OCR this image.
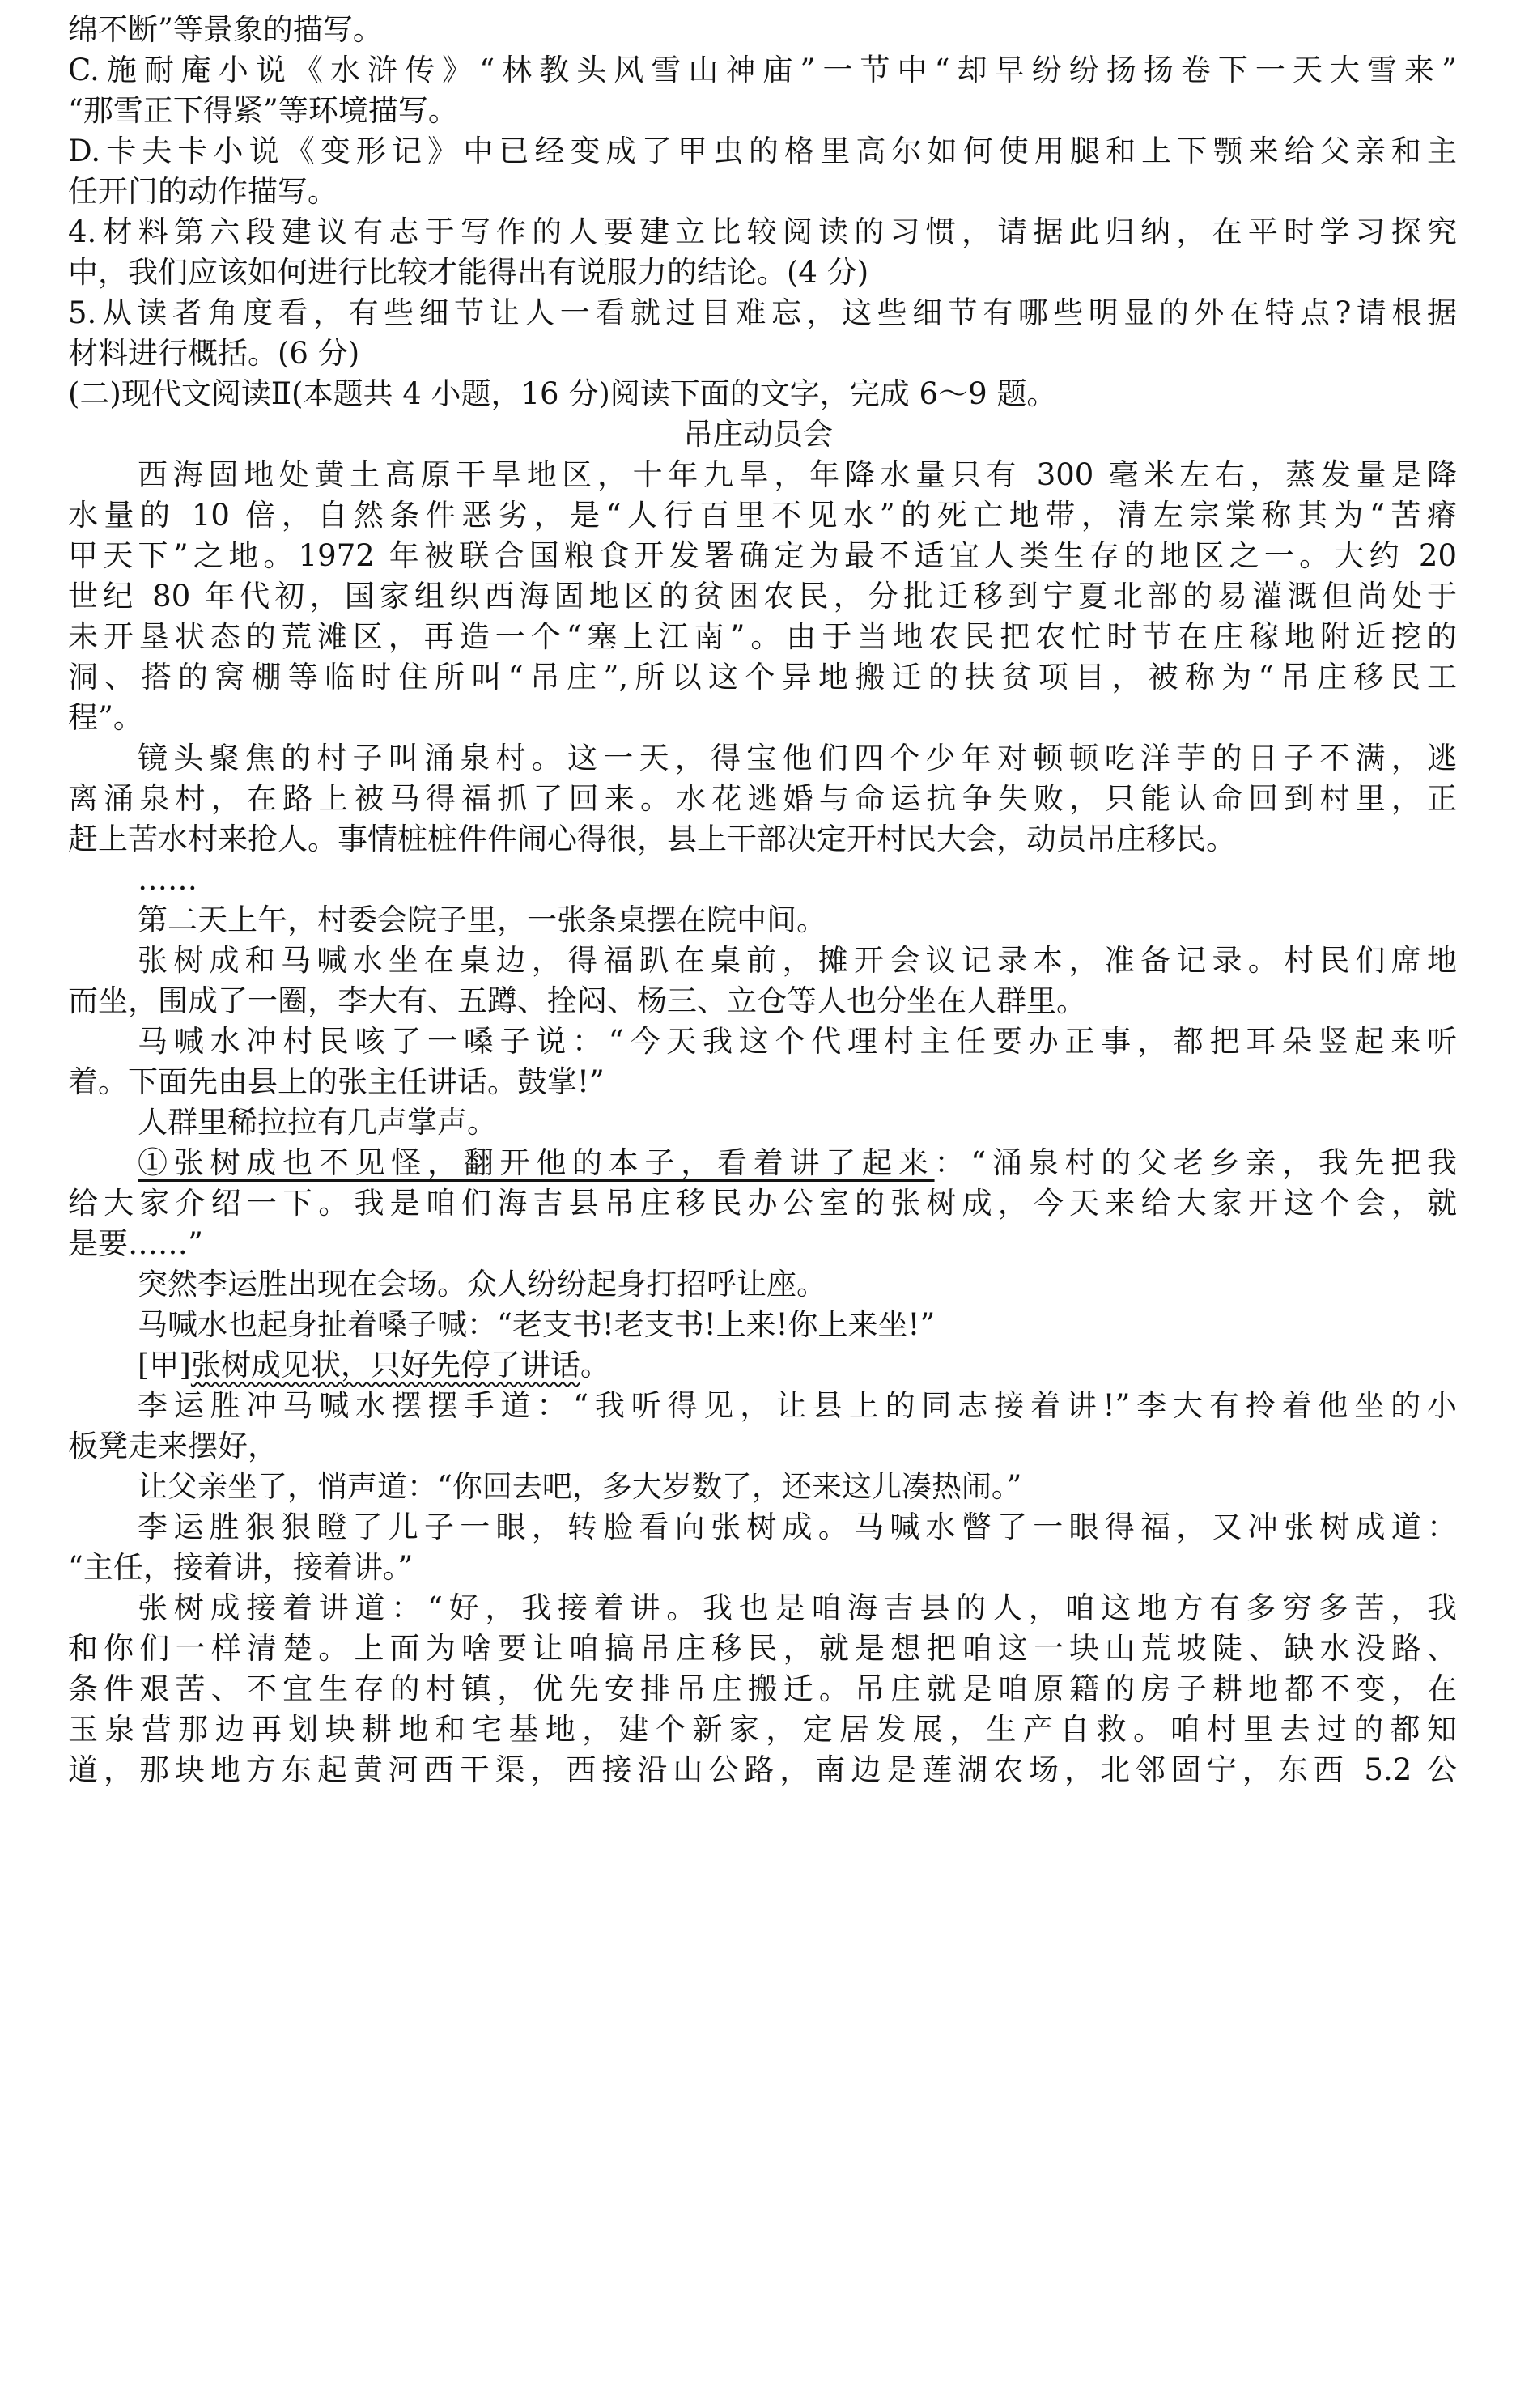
绵不断”等景象的描写。
C.施耐庵小说《水浒传》“林教头风雪山神庙”一节中“却早纷纷扬扬卷下一天大雪来”
“那雪正下得紧”等环境描写。
D.卡夫卡小说《变形记》中已经变成了甲虫的格里高尔如何使用腿和上下颚来给父亲和主
任开门的动作描写。
4.材料第六段建议有志于写作的人要建立比较阅读的习惯，请据此归纳，在平时学习探究
中，我们应该如何进行比较才能得出有说服力的结论。(4 分)
5.从读者角度看，有些细节让人一看就过目难忘，这些细节有哪些明显的外在特点?请根据
材料进行概括。(6 分)
(二)现代文阅读Ⅱ(本题共 4 小题，16 分)阅读下面的文字，完成 6～9 题。
吊庄动员会
西海固地处黄土高原干旱地区，十年九旱，年降水量只有 300 毫米左右，蒸发量是降
水量的 10 倍，自然条件恶劣，是“人行百里不见水”的死亡地带，清左宗棠称其为“苦瘠
甲天下”之地。1972 年被联合国粮食开发署确定为最不适宜人类生存的地区之一。大约 20
世纪 80 年代初，国家组织西海固地区的贫困农民，分批迁移到宁夏北部的易灌溉但尚处于
未开垦状态的荒滩区，再造一个“塞上江南”。由于当地农民把农忙时节在庄稼地附近挖的
洞、搭的窝棚等临时住所叫“吊庄”,所以这个异地搬迁的扶贫项目，被称为“吊庄移民工
程”。
镜头聚焦的村子叫涌泉村。这一天，得宝他们四个少年对顿顿吃洋芋的日子不满，逃
离涌泉村，在路上被马得福抓了回来。水花逃婚与命运抗争失败，只能认命回到村里，正
赶上苦水村来抢人。事情桩桩件件闹心得很，县上干部决定开村民大会，动员吊庄移民。
……
第二天上午，村委会院子里，一张条桌摆在院中间。
张树成和马喊水坐在桌边，得福趴在桌前，摊开会议记录本，准备记录。村民们席地
而坐，围成了一圈，李大有、五蹲、拴闷、杨三、立仓等人也分坐在人群里。
马喊水冲村民咳了一嗓子说：“今天我这个代理村主任要办正事，都把耳朵竖起来听
着。下面先由县上的张主任讲话。鼓掌!”
人群里稀拉拉有几声掌声。
①张树成也不见怪，翻开他的本子，看着讲了起来：“涌泉村的父老乡亲，我先把我
给大家介绍一下。我是咱们海吉县吊庄移民办公室的张树成，今天来给大家开这个会，就
是要……”
突然李运胜出现在会场。众人纷纷起身打招呼让座。
马喊水也起身扯着嗓子喊：“老支书!老支书!上来!你上来坐!”
[甲]张树成见状，只好先停了讲话。
李运胜冲马喊水摆摆手道：“我听得见，让县上的同志接着讲!”李大有拎着他坐的小
板凳走来摆好，
让父亲坐了，悄声道：“你回去吧，多大岁数了，还来这儿凑热闹。”
李运胜狠狠瞪了儿子一眼，转脸看向张树成。马喊水瞥了一眼得福，又冲张树成道：
“主任，接着讲，接着讲。”
张树成接着讲道：“好，我接着讲。我也是咱海吉县的人，咱这地方有多穷多苦，我
和你们一样清楚。上面为啥要让咱搞吊庄移民，就是想把咱这一块山荒坡陡、缺水没路、
条件艰苦、不宜生存的村镇，优先安排吊庄搬迁。吊庄就是咱原籍的房子耕地都不变，在
玉泉营那边再划块耕地和宅基地，建个新家，定居发展，生产自救。咱村里去过的都知
道，那块地方东起黄河西干渠，西接沿山公路，南边是莲湖农场，北邻固宁，东西 5.2 公
